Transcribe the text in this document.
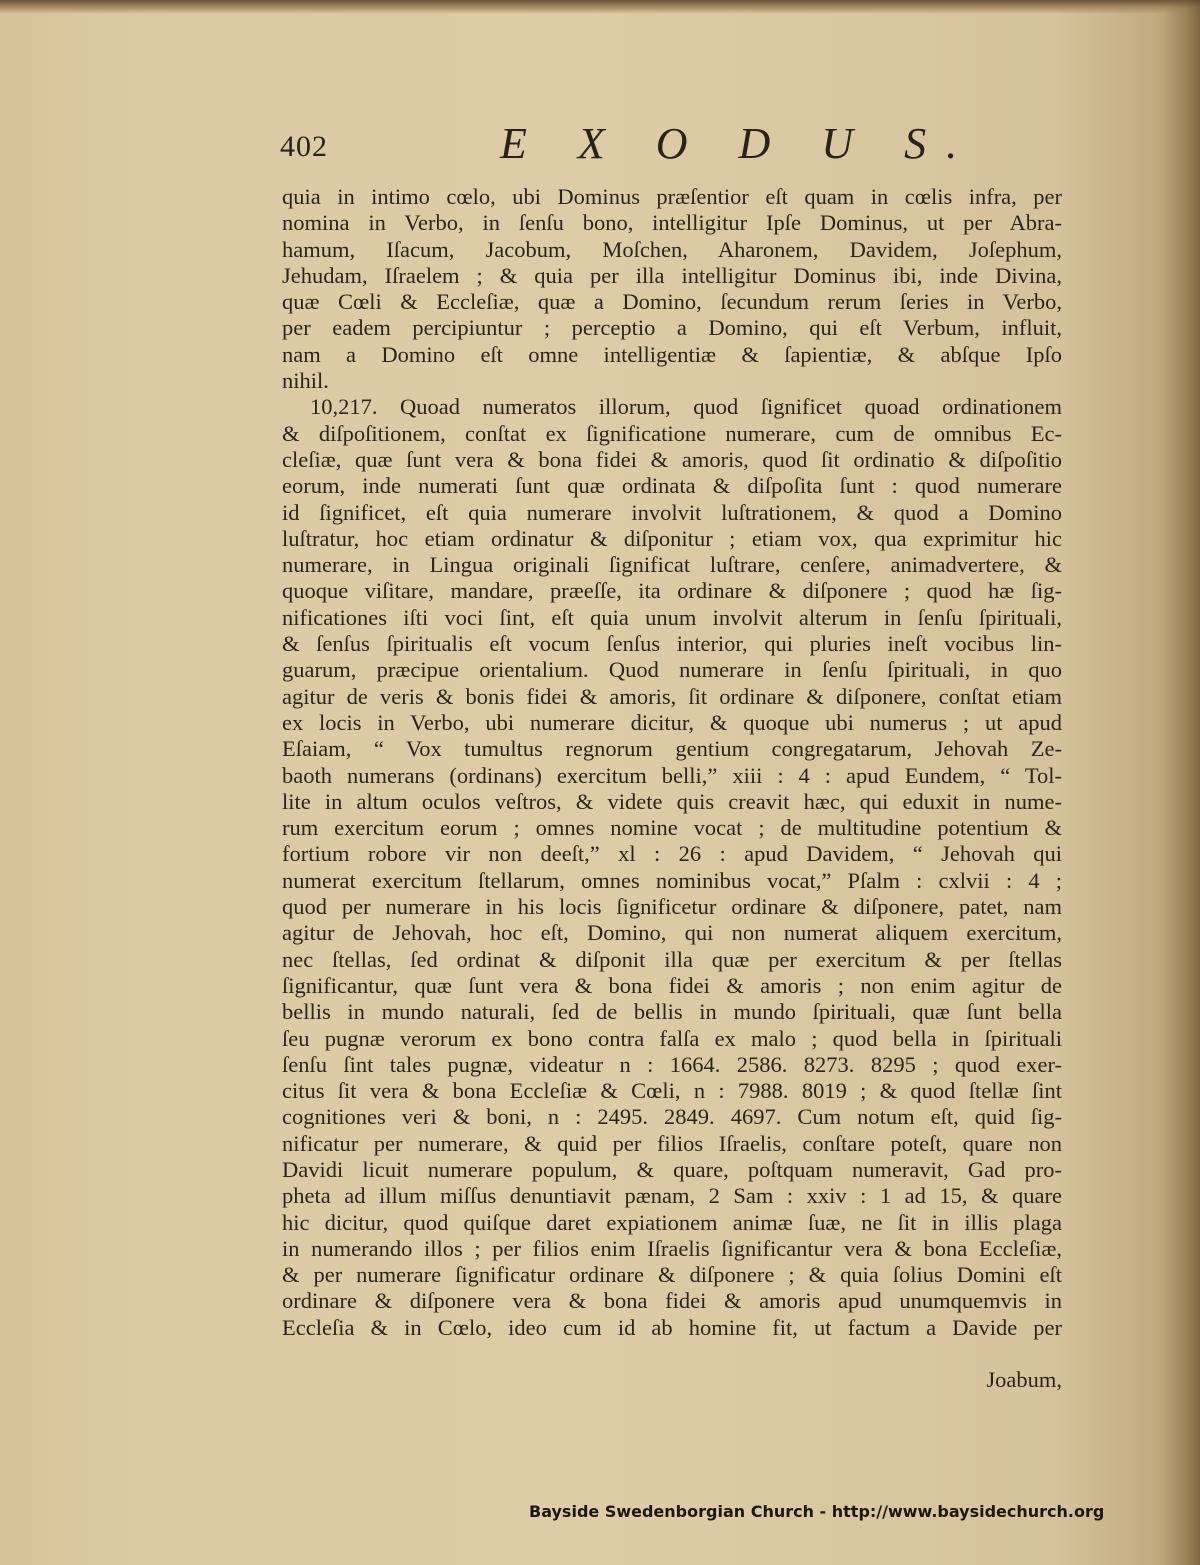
402	E X O D U S.
quia in intimo cœlo, ubi Dominus præſentior eſt quam in cœlis infra, per
nomina in Verbo, in ſenſu bono, intelligitur Ipſe Dominus, ut per Abra-
hamum, Iſacum, Jacobum, Moſchen, Aharonem, Davidem, Joſephum,
Jehudam, Iſraelem ; & quia per illa intelligitur Dominus ibi, inde Divina,
quæ Cœli & Eccleſiæ, quæ a Domino, ſecundum rerum ſeries in Verbo,
per eadem percipiuntur ; perceptio a Domino, qui eſt Verbum, influit,
nam a Domino eſt omne intelligentiæ & ſapientiæ, & abſque Ipſo
nihil.
10,217. Quoad numeratos illorum, quod ſignificet quoad ordinationem
& diſpoſitionem, conſtat ex ſignificatione numerare, cum de omnibus Ec-
cleſiæ, quæ ſunt vera & bona fidei & amoris, quod ſit ordinatio & diſpoſitio
eorum, inde numerati ſunt quæ ordinata & diſpoſita ſunt : quod numerare
id ſignificet, eſt quia numerare involvit luſtrationem, & quod a Domino
luſtratur, hoc etiam ordinatur & diſponitur ; etiam vox, qua exprimitur hic
numerare, in Lingua originali ſignificat luſtrare, cenſere, animadvertere, &
quoque viſitare, mandare, præeſſe, ita ordinare & diſponere ; quod hæ ſig-
nificationes iſti voci ſint, eſt quia unum involvit alterum in ſenſu ſpirituali,
& ſenſus ſpiritualis eſt vocum ſenſus interior, qui pluries ineſt vocibus lin-
guarum, præcipue orientalium. Quod numerare in ſenſu ſpirituali, in quo
agitur de veris & bonis fidei & amoris, ſit ordinare & diſponere, conſtat etiam
ex locis in Verbo, ubi numerare dicitur, & quoque ubi numerus ; ut apud
Eſaiam, “ Vox tumultus regnorum gentium congregatarum, Jehovah Ze-
baoth numerans (ordinans) exercitum belli,” xiii : 4 : apud Eundem, “ Tol-
lite in altum oculos veſtros, & videte quis creavit hæc, qui eduxit in nume-
rum exercitum eorum ; omnes nomine vocat ; de multitudine potentium &
fortium robore vir non deeſt,” xl : 26 : apud Davidem, “ Jehovah qui
numerat exercitum ſtellarum, omnes nominibus vocat,” Pſalm : cxlvii : 4 ;
quod per numerare in his locis ſignificetur ordinare & diſponere, patet, nam
agitur de Jehovah, hoc eſt, Domino, qui non numerat aliquem exercitum,
nec ſtellas, ſed ordinat & diſponit illa quæ per exercitum & per ſtellas
ſignificantur, quæ ſunt vera & bona fidei & amoris ; non enim agitur de
bellis in mundo naturali, ſed de bellis in mundo ſpirituali, quæ ſunt bella
ſeu pugnæ verorum ex bono contra falſa ex malo ; quod bella in ſpirituali
ſenſu ſint tales pugnæ, videatur n : 1664. 2586. 8273. 8295 ; quod exer-
citus ſit vera & bona Eccleſiæ & Cœli, n : 7988. 8019 ; & quod ſtellæ ſint
cognitiones veri & boni, n : 2495. 2849. 4697. Cum notum eſt, quid ſig-
nificatur per numerare, & quid per filios Iſraelis, conſtare poteſt, quare non
Davidi licuit numerare populum, & quare, poſtquam numeravit, Gad pro-
pheta ad illum miſſus denuntiavit pænam, 2 Sam : xxiv : 1 ad 15, & quare
hic dicitur, quod quiſque daret expiationem animæ ſuæ, ne ſit in illis plaga
in numerando illos ; per filios enim Iſraelis ſignificantur vera & bona Eccleſiæ,
& per numerare ſignificatur ordinare & diſponere ; & quia ſolius Domini eſt
ordinare & diſponere vera & bona fidei & amoris apud unumquemvis in
Eccleſia & in Cœlo, ideo cum id ab homine fit, ut factum a Davide per
Joabum,
Bayside Swedenborgian Church - http://www.baysidechurch.org
